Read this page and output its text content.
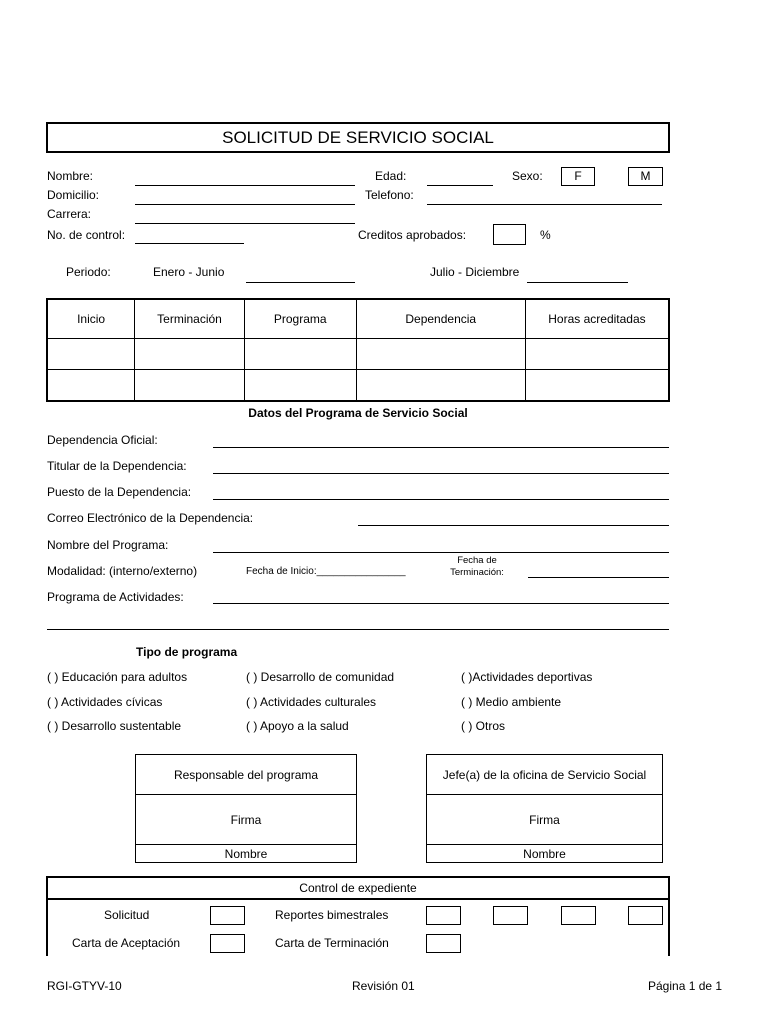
SOLICITUD DE SERVICIO SOCIAL
Nombre:	Edad:	Sexo:	F	M
Domicilio:	Telefono:
Carrera:
No. de control:	Creditos aprobados:	%
Periodo:	Enero - Junio	Julio - Diciembre
Inicio	Terminación	Programa	Dependencia	Horas acreditadas

Datos del Programa de Servicio Social
Dependencia Oficial:
Titular de la Dependencia:
Puesto de la Dependencia:
Correo Electrónico de la Dependencia:
Nombre del Programa:
Modalidad: (interno/externo)	Fecha de Inicio:________________
Fecha de
Terminación:
Programa de Actividades:
Tipo de programa
( ) Educación para adultos	( ) Desarrollo de comunidad	( )Actividades deportivas
( ) Actividades cívicas	( ) Actividades culturales	( ) Medio ambiente
( ) Desarrollo sustentable	( ) Apoyo a la salud	( ) Otros
Responsable del programa
Firma
Nombre
Jefe(a) de la oficina de Servicio Social
Firma
Nombre
Control de expediente
Solicitud	Reportes bimestrales
Carta de Aceptación	Carta de Terminación
RGI-GTYV-10	Revisión 01	Página 1 de 1
